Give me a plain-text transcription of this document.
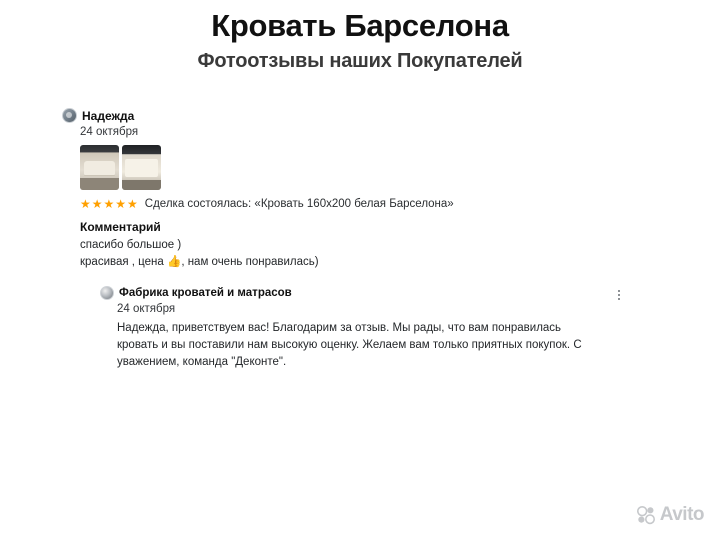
Кровать Барселона
Фотоотзывы наших Покупателей
Надежда
24 октября
★★★★★ Сделка состоялась: «Кровать 160х200 белая Барселона»
Комментарий
спасибо большое )
красивая , цена 👍, нам очень понравилась)
Фабрика кроватей и матрасов
24 октября
Надежда, приветствуем вас! Благодарим за отзыв. Мы рады, что вам понравилась кровать и вы поставили нам высокую оценку. Желаем вам только приятных покупок. С уважением, команда "Деконте".
Avito
